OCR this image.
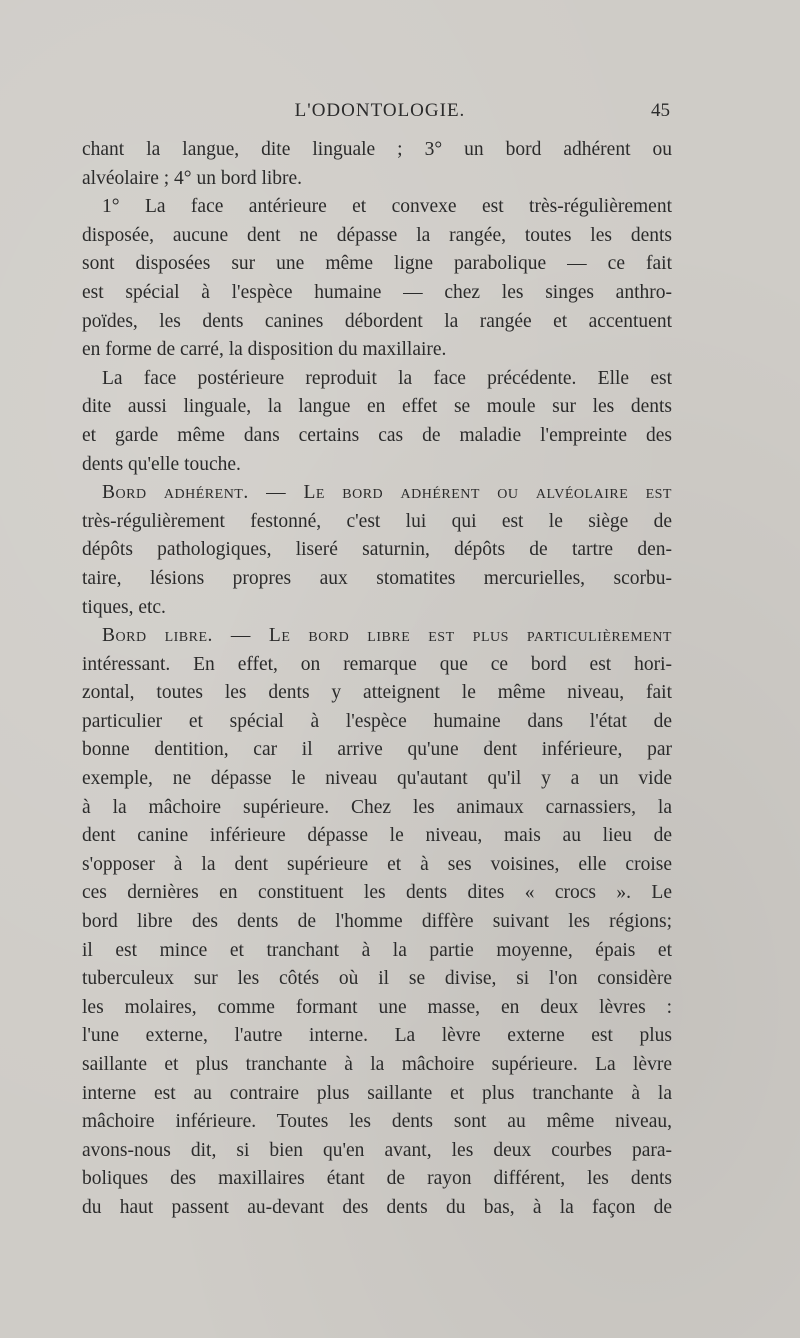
L'ODONTOLOGIE.	45
chant la langue, dite linguale ; 3° un bord adhérent ou
alvéolaire ; 4° un bord libre.
1° La face antérieure et convexe est très-régulièrement
disposée, aucune dent ne dépasse la rangée, toutes les dents
sont disposées sur une même ligne parabolique — ce fait
est spécial à l'espèce humaine — chez les singes anthro-
poïdes, les dents canines débordent la rangée et accentuent
en forme de carré, la disposition du maxillaire.
La face postérieure reproduit la face précédente. Elle est
dite aussi linguale, la langue en effet se moule sur les dents
et garde même dans certains cas de maladie l'empreinte des
dents qu'elle touche.
Bord adhérent. — Le bord adhérent ou alvéolaire est
très-régulièrement festonné, c'est lui qui est le siège de
dépôts pathologiques, liseré saturnin, dépôts de tartre den-
taire, lésions propres aux stomatites mercurielles, scorbu-
tiques, etc.
Bord libre. — Le bord libre est plus particulièrement
intéressant. En effet, on remarque que ce bord est hori-
zontal, toutes les dents y atteignent le même niveau, fait
particulier et spécial à l'espèce humaine dans l'état de
bonne dentition, car il arrive qu'une dent inférieure, par
exemple, ne dépasse le niveau qu'autant qu'il y a un vide
à la mâchoire supérieure. Chez les animaux carnassiers, la
dent canine inférieure dépasse le niveau, mais au lieu de
s'opposer à la dent supérieure et à ses voisines, elle croise
ces dernières en constituent les dents dites « crocs ». Le
bord libre des dents de l'homme diffère suivant les régions;
il est mince et tranchant à la partie moyenne, épais et
tuberculeux sur les côtés où il se divise, si l'on considère
les molaires, comme formant une masse, en deux lèvres :
l'une externe, l'autre interne. La lèvre externe est plus
saillante et plus tranchante à la mâchoire supérieure. La lèvre
interne est au contraire plus saillante et plus tranchante à la
mâchoire inférieure. Toutes les dents sont au même niveau,
avons-nous dit, si bien qu'en avant, les deux courbes para-
boliques des maxillaires étant de rayon différent, les dents
du haut passent au-devant des dents du bas, à la façon de
